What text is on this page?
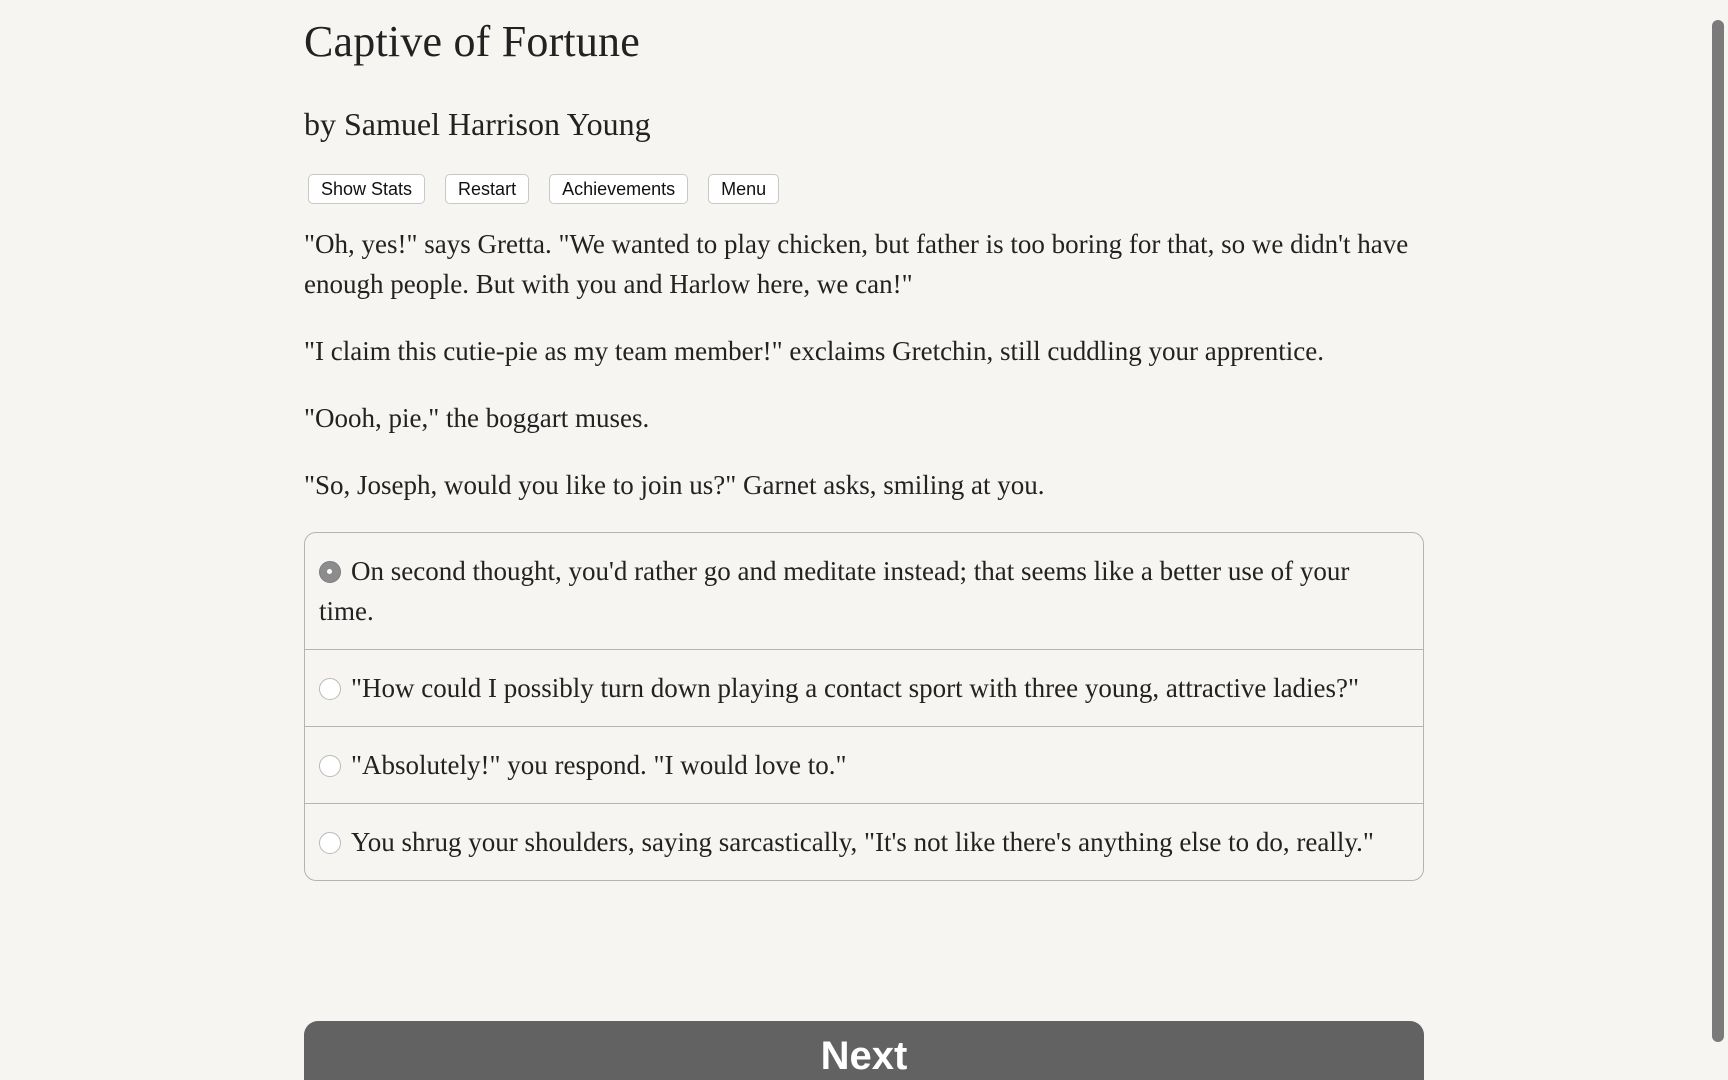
Captive of Fortune
by Samuel Harrison Young
Show Stats	Restart	Achievements	Menu

"Oh, yes!" says Gretta. "We wanted to play chicken, but father is too boring for that, so we didn't have enough people. But with you and Harlow here, we can!"

"I claim this cutie-pie as my team member!" exclaims Gretchin, still cuddling your apprentice.

"Oooh, pie," the boggart muses.

"So, Joseph, would you like to join us?" Garnet asks, smiling at you.

On second thought, you'd rather go and meditate instead; that seems like a better use of your time.
"How could I possibly turn down playing a contact sport with three young, attractive ladies?"
"Absolutely!" you respond. "I would love to."
You shrug your shoulders, saying sarcastically, "It's not like there's anything else to do, really."
Next
